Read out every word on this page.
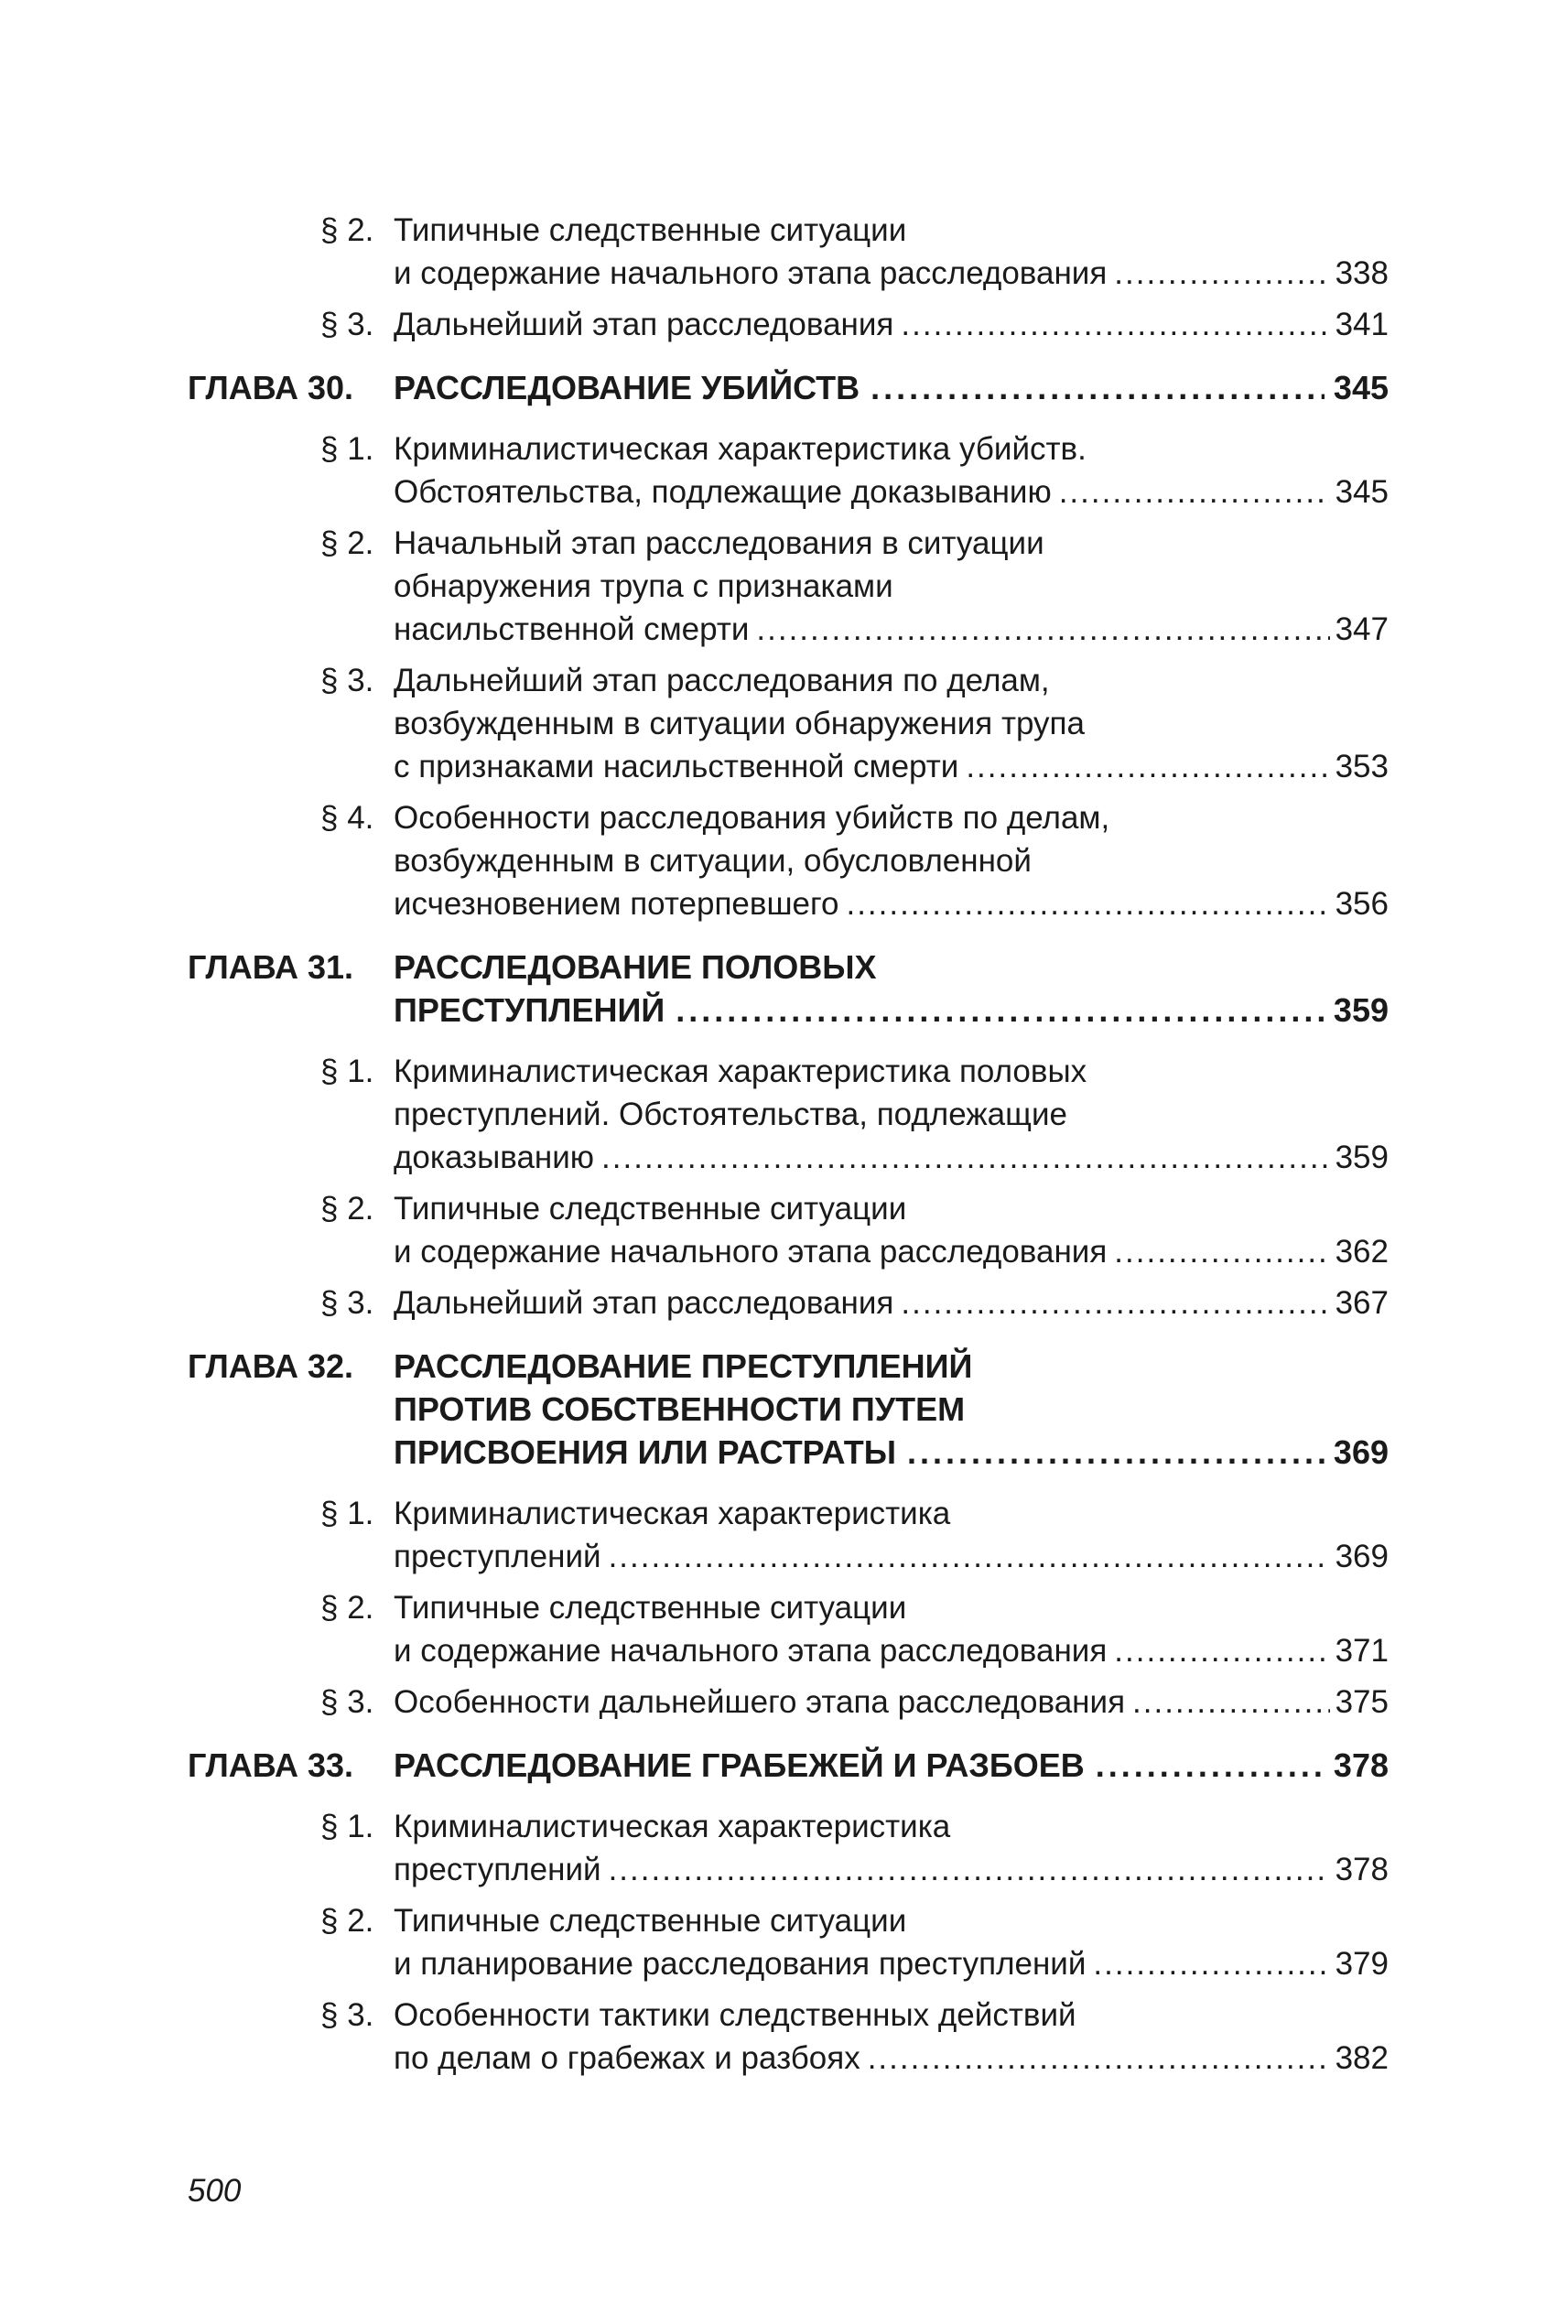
§ 2. Типичные следственные ситуации
и содержание начального этапа расследования .....	338
§ 3. Дальнейший этап расследования .....	341
ГЛАВА 30. РАССЛЕДОВАНИЕ УБИЙСТВ .....	345
§ 1. Криминалистическая характеристика убийств.
Обстоятельства, подлежащие доказыванию .....	345
§ 2. Начальный этап расследования в ситуации
обнаружения трупа с признаками
насильственной смерти .....	347
§ 3. Дальнейший этап расследования по делам,
возбужденным в ситуации обнаружения трупа
с признаками насильственной смерти .....	353
§ 4. Особенности расследования убийств по делам,
возбужденным в ситуации, обусловленной
исчезновением потерпевшего .....	356
ГЛАВА 31. РАССЛЕДОВАНИЕ ПОЛОВЫХ
ПРЕСТУПЛЕНИЙ .....	359
§ 1. Криминалистическая характеристика половых
преступлений. Обстоятельства, подлежащие
доказыванию .....	359
§ 2. Типичные следственные ситуации
и содержание начального этапа расследования .....	362
§ 3. Дальнейший этап расследования .....	367
ГЛАВА 32. РАССЛЕДОВАНИЕ ПРЕСТУПЛЕНИЙ
ПРОТИВ СОБСТВЕННОСТИ ПУТЕМ
ПРИСВОЕНИЯ ИЛИ РАСТРАТЫ .....	369
§ 1. Криминалистическая характеристика
преступлений .....	369
§ 2. Типичные следственные ситуации
и содержание начального этапа расследования .....	371
§ 3. Особенности дальнейшего этапа расследования .....	375
ГЛАВА 33. РАССЛЕДОВАНИЕ ГРАБЕЖЕЙ И РАЗБОЕВ .....	378
§ 1. Криминалистическая характеристика
преступлений .....	378
§ 2. Типичные следственные ситуации
и планирование расследования преступлений .....	379
§ 3. Особенности тактики следственных действий
по делам о грабежах и разбоях .....	382
500
